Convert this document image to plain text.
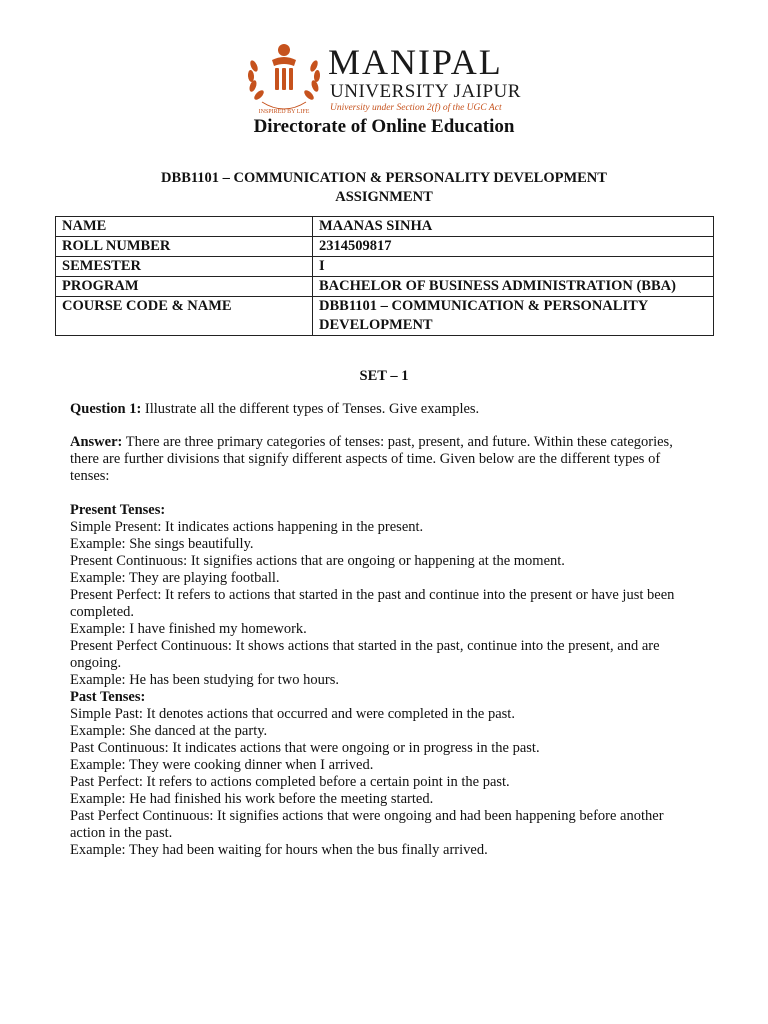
INSPIRED BY LIFE
MANIPAL
UNIVERSITY JAIPUR
University under Section 2(f) of the UGC Act
Directorate of Online Education
DBB1101 – COMMUNICATION & PERSONALITY DEVELOPMENT
ASSIGNMENT
NAME	MAANAS SINHA
ROLL NUMBER	2314509817
SEMESTER	I
PROGRAM	BACHELOR OF BUSINESS ADMINISTRATION (BBA)
COURSE CODE & NAME	DBB1101 – COMMUNICATION & PERSONALITY DEVELOPMENT
SET – 1
Question 1: Illustrate all the different types of Tenses. Give examples.
Answer: There are three primary categories of tenses: past, present, and future. Within these categories, there are further divisions that signify different aspects of time. Given below are the different types of tenses:
Present Tenses:
Simple Present: It indicates actions happening in the present.
Example: She sings beautifully.
Present Continuous: It signifies actions that are ongoing or happening at the moment.
Example: They are playing football.
Present Perfect: It refers to actions that started in the past and continue into the present or have just been completed.
Example: I have finished my homework.
Present Perfect Continuous: It shows actions that started in the past, continue into the present, and are ongoing.
Example: He has been studying for two hours.
Past Tenses:
Simple Past: It denotes actions that occurred and were completed in the past.
Example: She danced at the party.
Past Continuous: It indicates actions that were ongoing or in progress in the past.
Example: They were cooking dinner when I arrived.
Past Perfect: It refers to actions completed before a certain point in the past.
Example: He had finished his work before the meeting started.
Past Perfect Continuous: It signifies actions that were ongoing and had been happening before another action in the past.
Example: They had been waiting for hours when the bus finally arrived.
